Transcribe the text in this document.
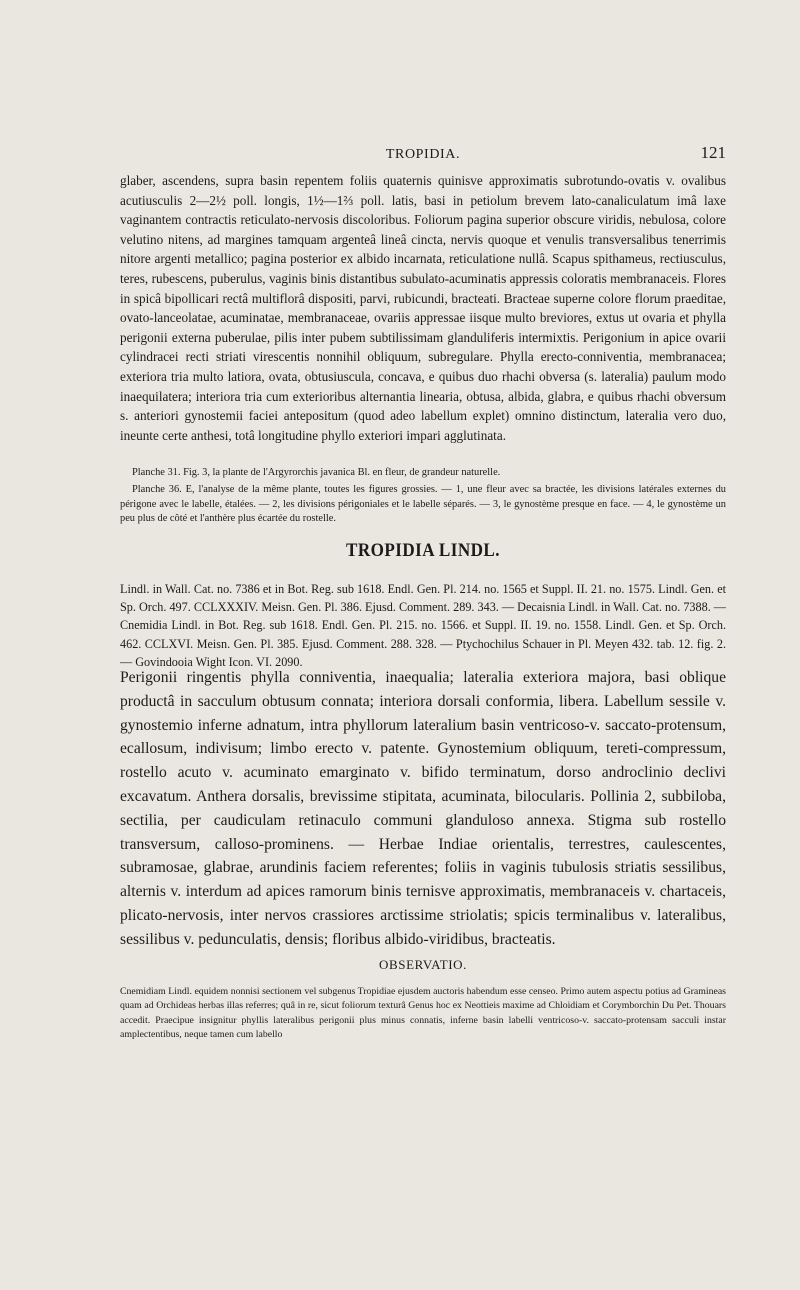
TROPIDIA.	121
glaber, ascendens, supra basin repentem foliis quaternis quinisve approximatis subrotundo-ovatis v. ovalibus acutiusculis 2—2½ poll. longis, 1½—1⅔ poll. latis, basi in petiolum brevem lato-canaliculatum imâ laxe vaginantem contractis reticulato-nervosis discoloribus. Foliorum pagina superior obscure viridis, nebulosa, colore velutino nitens, ad margines tamquam argenteâ lineâ cincta, nervis quoque et venulis transversalibus tenerrimis nitore argenti metallico; pagina posterior ex albido incarnata, reticulatione nullâ. Scapus spithameus, rectiusculus, teres, rubescens, puberulus, vaginis binis distantibus subulato-acuminatis appressis coloratis membranaceis. Flores in spicâ bipollicari rectâ multiflorâ dispositi, parvi, rubicundi, bracteati. Bracteae superne colore florum praeditae, ovato-lanceolatae, acuminatae, membranaceae, ovariis appressae iisque multo breviores, extus ut ovaria et phylla perigonii externa puberulae, pilis inter pubem subtilissimam glanduliferis intermixtis. Perigonium in apice ovarii cylindracei recti striati virescentis nonnihil obliquum, subregulare. Phylla erecto-conniventia, membranacea; exteriora tria multo latiora, ovata, obtusiuscula, concava, e quibus duo rhachi obversa (s. lateralia) paulum modo inaequilatera; interiora tria cum exterioribus alternantia linearia, obtusa, albida, glabra, e quibus rhachi obversum s. anteriori gynostemii faciei antepositum (quod adeo labellum explet) omnino distinctum, lateralia vero duo, ineunte certe anthesi, totâ longitudine phyllo exteriori impari agglutinata.

Planche 31. Fig. 3, la plante de l'Argyrorchis javanica Bl. en fleur, de grandeur naturelle.

Planche 36. E, l'analyse de la même plante, toutes les figures grossies. — 1, une fleur avec sa bractée, les divisions latérales externes du périgone avec le labelle, étalées. — 2, les divisions périgoniales et le labelle séparés. — 3, le gynostème presque en face. — 4, le gynostème un peu plus de côté et l'anthère plus écartée du rostelle.

TROPIDIA LINDL.
Lindl. in Wall. Cat. no. 7386 et in Bot. Reg. sub 1618. Endl. Gen. Pl. 214. no. 1565 et Suppl. II. 21. no. 1575. Lindl. Gen. et Sp. Orch. 497. CCLXXXIV. Meisn. Gen. Pl. 386. Ejusd. Comment. 289. 343. — Decaisnia Lindl. in Wall. Cat. no. 7388. — Cnemidia Lindl. in Bot. Reg. sub 1618. Endl. Gen. Pl. 215. no. 1566. et Suppl. II. 19. no. 1558. Lindl. Gen. et Sp. Orch. 462. CCLXVI. Meisn. Gen. Pl. 385. Ejusd. Comment. 288. 328. — Ptychochilus Schauer in Pl. Meyen 432. tab. 12. fig. 2. — Govindooia Wight Icon. VI. 2090.
Perigonii ringentis phylla conniventia, inaequalia; lateralia exteriora majora, basi oblique productâ in sacculum obtusum connata; interiora dorsali conformia, libera. Labellum sessile v. gynostemio inferne adnatum, intra phyllorum lateralium basin ventricoso-v. saccato-protensum, ecallosum, indivisum; limbo erecto v. patente. Gynostemium obliquum, tereti-compressum, rostello acuto v. acuminato emarginato v. bifido terminatum, dorso androclinio declivi excavatum. Anthera dorsalis, brevissime stipitata, acuminata, bilocularis. Pollinia 2, subbiloba, sectilia, per caudiculam retinaculo communi glanduloso annexa. Stigma sub rostello transversum, calloso-prominens. — Herbae Indiae orientalis, terrestres, caulescentes, subramosae, glabrae, arundinis faciem referentes; foliis in vaginis tubulosis striatis sessilibus, alternis v. interdum ad apices ramorum binis ternisve approximatis, membranaceis v. chartaceis, plicato-nervosis, inter nervos crassiores arctissime striolatis; spicis terminalibus v. lateralibus, sessilibus v. pedunculatis, densis; floribus albido-viridibus, bracteatis.
OBSERVATIO.
Cnemidiam Lindl. equidem nonnisi sectionem vel subgenus Tropidiae ejusdem auctoris habendum esse censeo. Primo autem aspectu potius ad Gramineas quam ad Orchideas herbas illas referres; quâ in re, sicut foliorum texturâ Genus hoc ex Neottieis maxime ad Chloidiam et Corymborchin Du Pet. Thouars accedit. Praecipue insignitur phyllis lateralibus perigonii plus minus connatis, inferne basin labelli ventricoso-v. saccato-protensam sacculi instar amplectentibus, neque tamen cum labello
